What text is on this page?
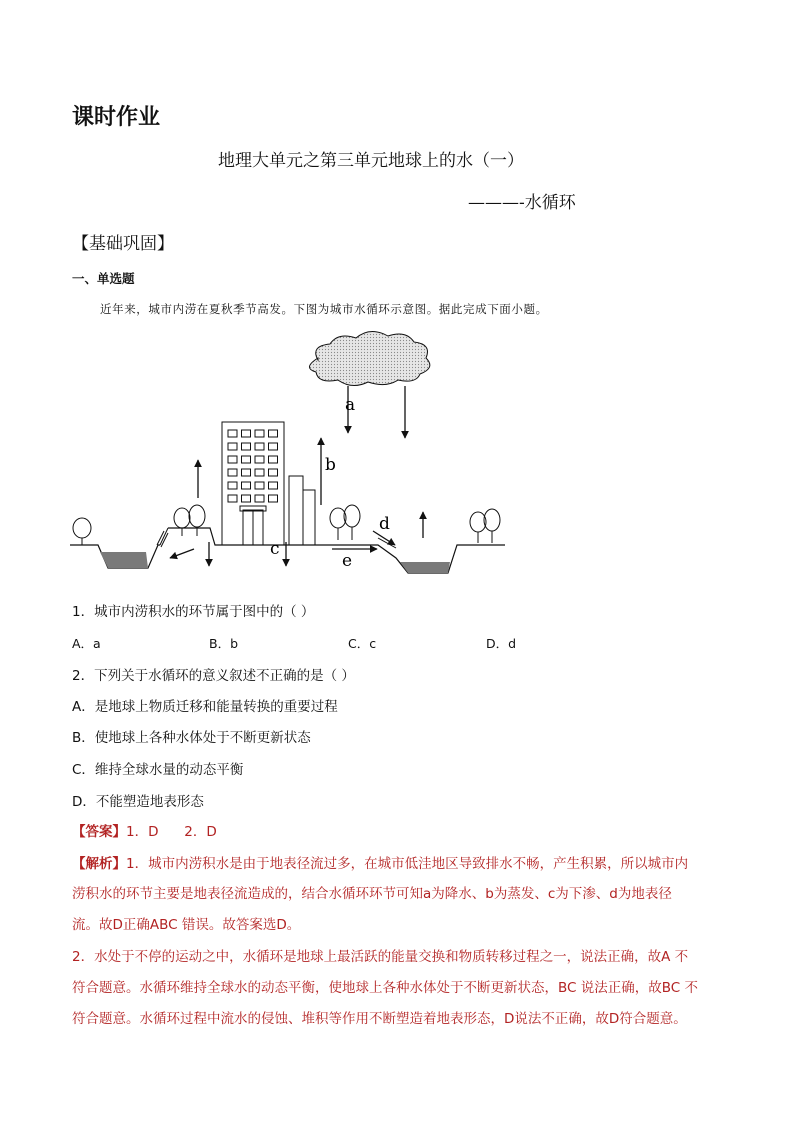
课时作业
地理大单元之第三单元地球上的水（一）
———-水循环
【基础巩固】
一、单选题
近年来，城市内涝在夏秋季节高发。下图为城市水循环示意图。据此完成下面小题。
a
b
c
d
e
1．城市内涝积水的环节属于图中的（ ）
A．a	B．b	C．c	D．d
2．下列关于水循环的意义叙述不正确的是（ ）
A．是地球上物质迁移和能量转换的重要过程
B．使地球上各种水体处于不断更新状态
C．维持全球水量的动态平衡
D．不能塑造地表形态
【答案】1．D      2．D
【解析】1．城市内涝积水是由于地表径流过多，在城市低洼地区导致排水不畅，产生积累，所以城市内
涝积水的环节主要是地表径流造成的，结合水循环环节可知a为降水、b为蒸发、c为下渗、d为地表径
流。故D正确ABC 错误。故答案选D。
2．水处于不停的运动之中，水循环是地球上最活跃的能量交换和物质转移过程之一，说法正确，故A 不
符合题意。水循环维持全球水的动态平衡，使地球上各种水体处于不断更新状态，BC 说法正确，故BC 不
符合题意。水循环过程中流水的侵蚀、堆积等作用不断塑造着地表形态，D说法不正确，故D符合题意。
